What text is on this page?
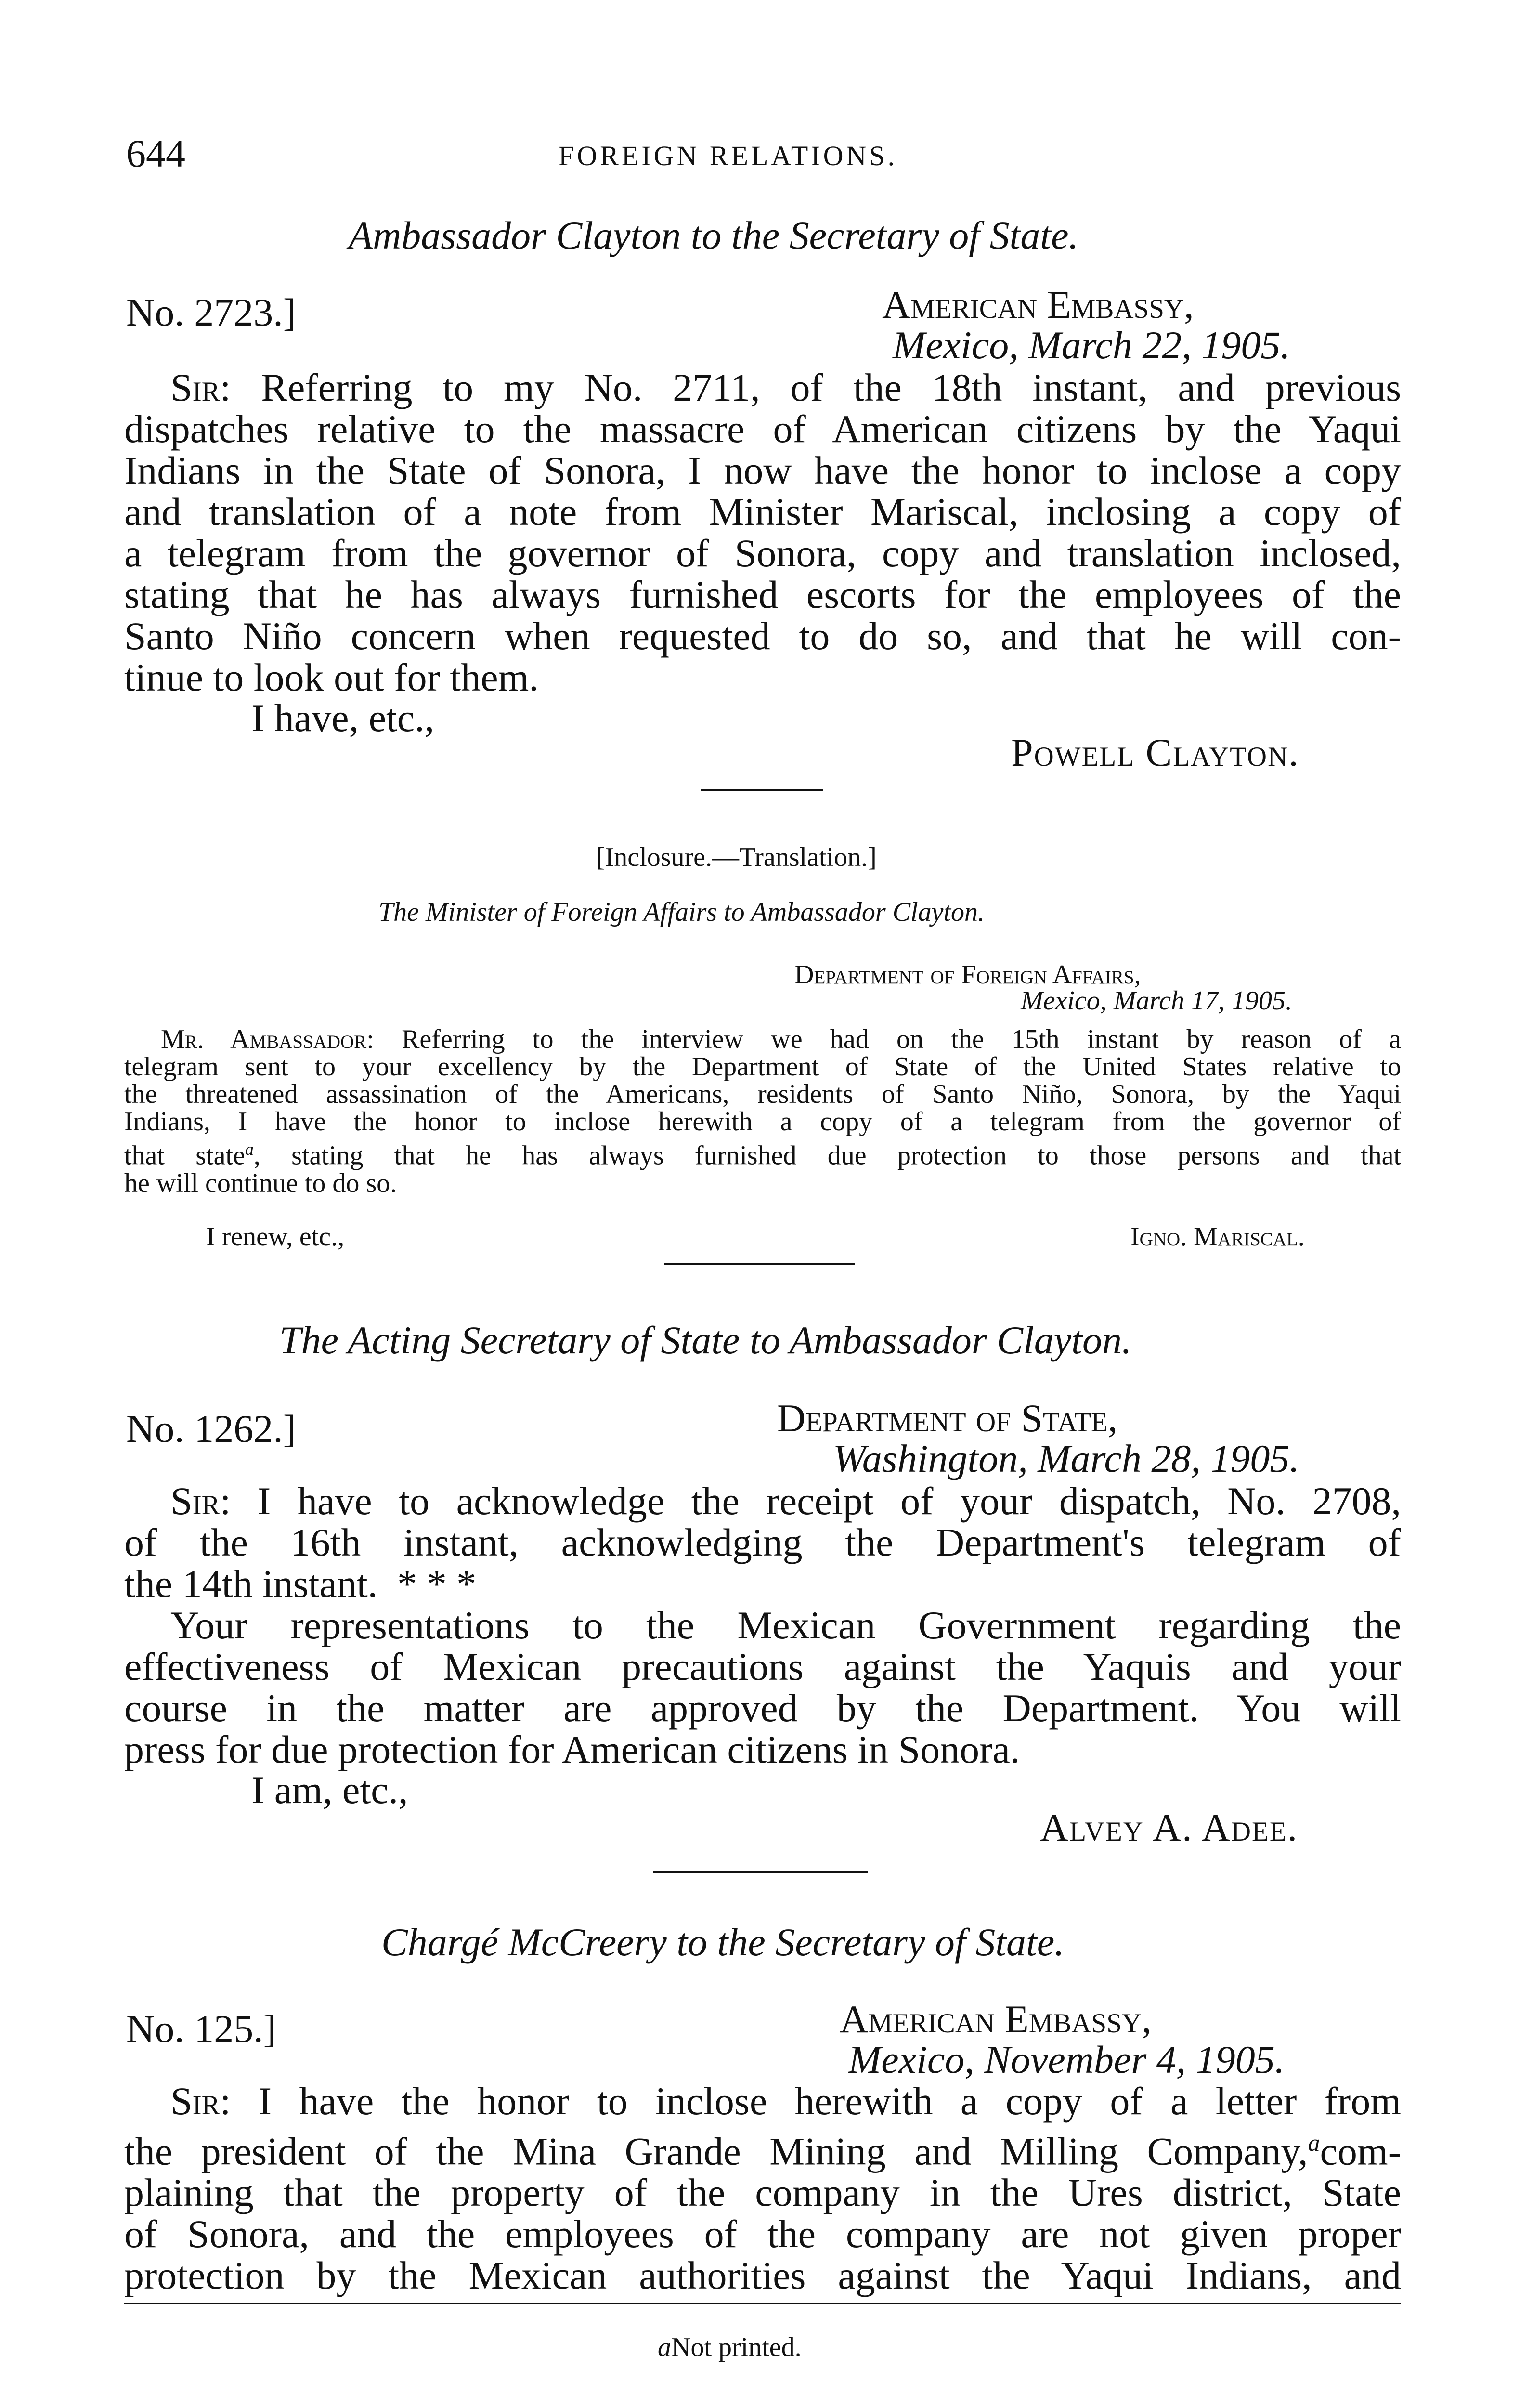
644	FOREIGN RELATIONS.
Ambassador Clayton to the Secretary of State.
No. 2723.]	American Embassy,
Mexico, March 22, 1905.

Sir: Referring to my No. 2711, of the 18th instant, and previous

dispatches relative to the massacre of American citizens by the Yaqui

Indians in the State of Sonora, I now have the honor to inclose a copy

and translation of a note from Minister Mariscal, inclosing a copy of

a telegram from the governor of Sonora, copy and translation inclosed,

stating that he has always furnished escorts for the employees of the

Santo Niño concern when requested to do so, and that he will con-

tinue to look out for them.

I have, etc.,
Powell Clayton.
[Inclosure.—Translation.]
The Minister of Foreign Affairs to Ambassador Clayton.
Department of Foreign Affairs,
Mexico, March 17, 1905.

Mr. Ambassador: Referring to the interview we had on the 15th instant by reason of a

telegram sent to your excellency by the Department of State of the United States relative to

the threatened assassination of the Americans, residents of Santo Niño, Sonora, by the Yaqui

Indians, I have the honor to inclose herewith a copy of a telegram from the governor of

that state$^a$, stating that he has always furnished due protection to those persons and that

he will continue to do so.

I renew, etc.,	Igno. Mariscal.
The Acting Secretary of State to Ambassador Clayton.
No. 1262.]	Department of State,
Washington, March 28, 1905.

Sir: I have to acknowledge the receipt of your dispatch, No. 2708,

of the 16th instant, acknowledging the Department's telegram of

the 14th instant. * * *

Your representations to the Mexican Government regarding the

effectiveness of Mexican precautions against the Yaquis and your

course in the matter are approved by the Department. You will

press for due protection for American citizens in Sonora.

I am, etc.,
Alvey A. Adee.
Chargé McCreery to the Secretary of State.
No. 125.]	American Embassy,
Mexico, November 4, 1905.

Sir: I have the honor to inclose herewith a copy of a letter from

the president of the Mina Grande Mining and Milling Company,$^a$com-

plaining that the property of the company in the Ures district, State

of Sonora, and the employees of the company are not given proper

protection by the Mexican authorities against the Yaqui Indians, and

aNot printed.
